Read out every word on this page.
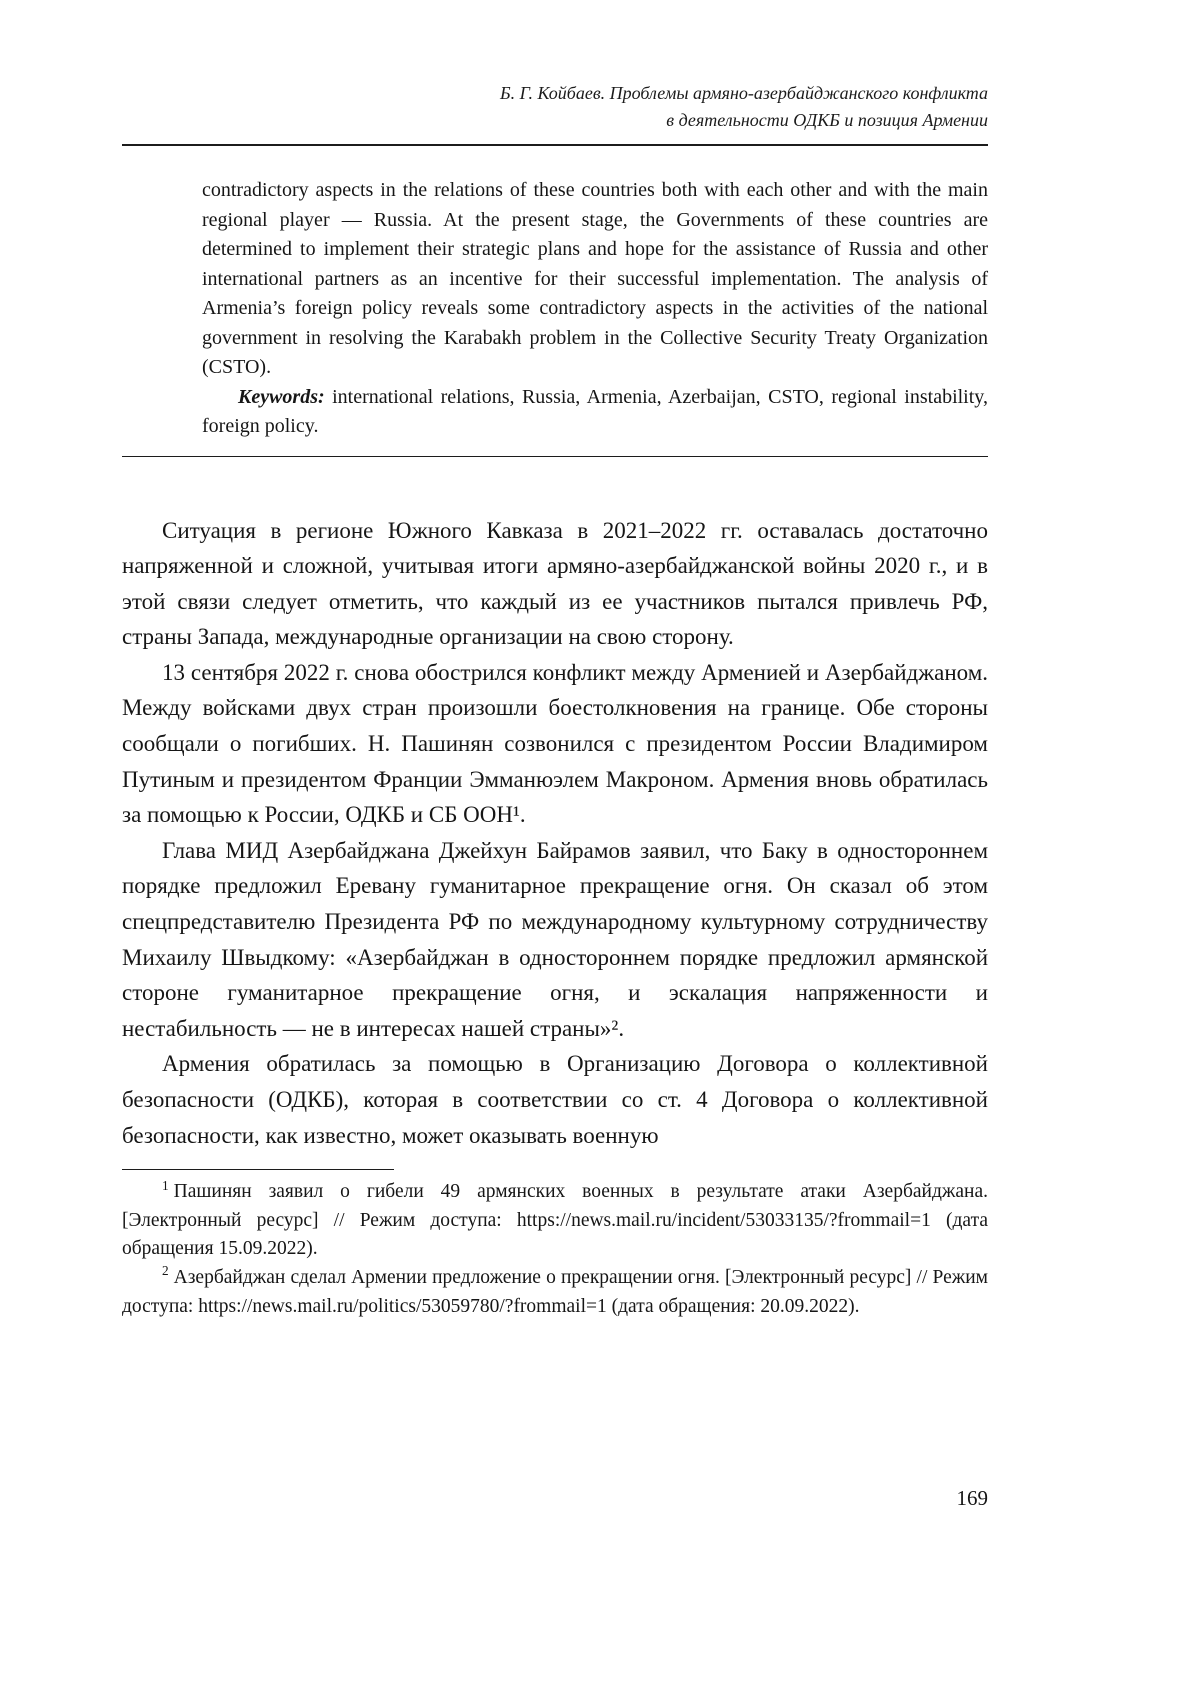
Б. Г. Койбаев. Проблемы армяно-азербайджанского конфликта
в деятельности ОДКБ и позиция Армении

contradictory aspects in the relations of these countries both with each other and with the main regional player — Russia. At the present stage, the Governments of these countries are determined to implement their strategic plans and hope for the assistance of Russia and other international partners as an incentive for their successful implementation. The analysis of Armenia’s foreign policy reveals some contradictory aspects in the activities of the national government in resolving the Karabakh problem in the Collective Security Treaty Organization (CSTO).

Keywords: international relations, Russia, Armenia, Azerbaijan, CSTO, regional instability, foreign policy.

Ситуация в регионе Южного Кавказа в 2021–2022 гг. оставалась достаточно напряженной и сложной, учитывая итоги армяно-азербайджанской войны 2020 г., и в этой связи следует отметить, что каждый из ее участников пытался привлечь РФ, страны Запада, международные организации на свою сторону.

13 сентября 2022 г. снова обострился конфликт между Арменией и Азербайджаном. Между войсками двух стран произошли боестолкновения на границе. Обе стороны сообщали о погибших. Н. Пашинян созвонился с президентом России Владимиром Путиным и президентом Франции Эмманюэлем Макроном. Армения вновь обратилась за помощью к России, ОДКБ и СБ ООН¹.

Глава МИД Азербайджана Джейхун Байрамов заявил, что Баку в одностороннем порядке предложил Еревану гуманитарное прекращение огня. Он сказал об этом спецпредставителю Президента РФ по международному культурному сотрудничеству Михаилу Швыдкому: «Азербайджан в одностороннем порядке предложил армянской стороне гуманитарное прекращение огня, и эскалация напряженности и нестабильность — не в интересах нашей страны»².

Армения обратилась за помощью в Организацию Договора о коллективной безопасности (ОДКБ), которая в соответствии со ст. 4 Договора о коллективной безопасности, как известно, может оказывать военную

$^1$ Пашинян заявил о гибели 49 армянских военных в результате атаки Азербайджана. [Электронный ресурс] // Режим доступа: https://news.mail.ru/incident/53033135/?frommail=1 (дата обращения 15.09.2022).

$^2$ Азербайджан сделал Армении предложение о прекращении огня. [Электронный ресурс] // Режим доступа: https://news.mail.ru/politics/53059780/?frommail=1 (дата обращения: 20.09.2022).

169
